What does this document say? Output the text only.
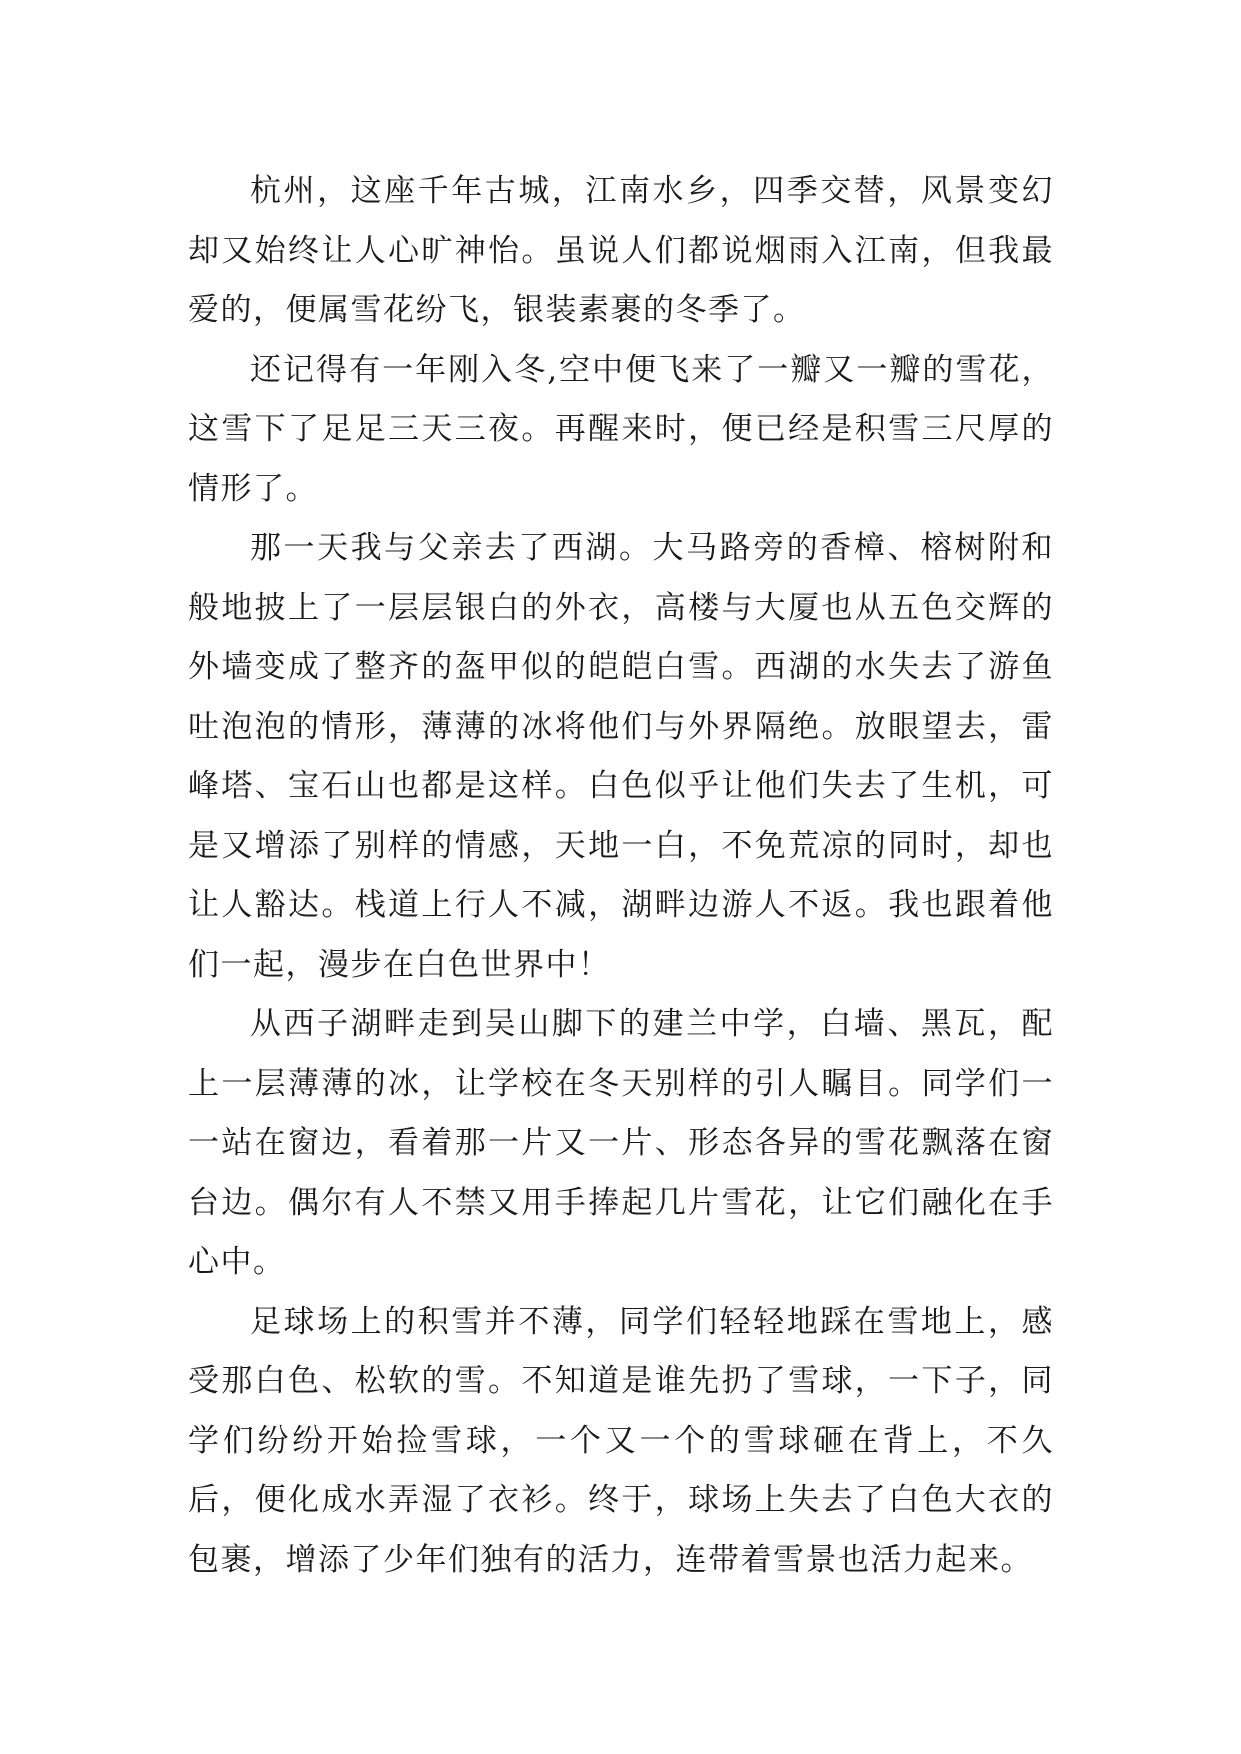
杭州，这座千年古城，江南水乡，四季交替，风景变幻却又始终让人心旷神怡。虽说人们都说烟雨入江南，但我最爱的，便属雪花纷飞，银装素裹的冬季了。

还记得有一年刚入冬,空中便飞来了一瓣又一瓣的雪花，这雪下了足足三天三夜。再醒来时，便已经是积雪三尺厚的情形了。

那一天我与父亲去了西湖。大马路旁的香樟、榕树附和般地披上了一层层银白的外衣，高楼与大厦也从五色交辉的外墙变成了整齐的盔甲似的皑皑白雪。西湖的水失去了游鱼吐泡泡的情形，薄薄的冰将他们与外界隔绝。放眼望去，雷峰塔、宝石山也都是这样。白色似乎让他们失去了生机，可是又增添了别样的情感，天地一白，不免荒凉的同时，却也让人豁达。栈道上行人不减，湖畔边游人不返。我也跟着他们一起，漫步在白色世界中！

从西子湖畔走到吴山脚下的建兰中学，白墙、黑瓦，配上一层薄薄的冰，让学校在冬天别样的引人瞩目。同学们一一站在窗边，看着那一片又一片、形态各异的雪花飘落在窗台边。偶尔有人不禁又用手捧起几片雪花，让它们融化在手心中。

足球场上的积雪并不薄，同学们轻轻地踩在雪地上，感受那白色、松软的雪。不知道是谁先扔了雪球，一下子，同学们纷纷开始捡雪球，一个又一个的雪球砸在背上，不久后，便化成水弄湿了衣衫。终于，球场上失去了白色大衣的包裹，增添了少年们独有的活力，连带着雪景也活力起来。
